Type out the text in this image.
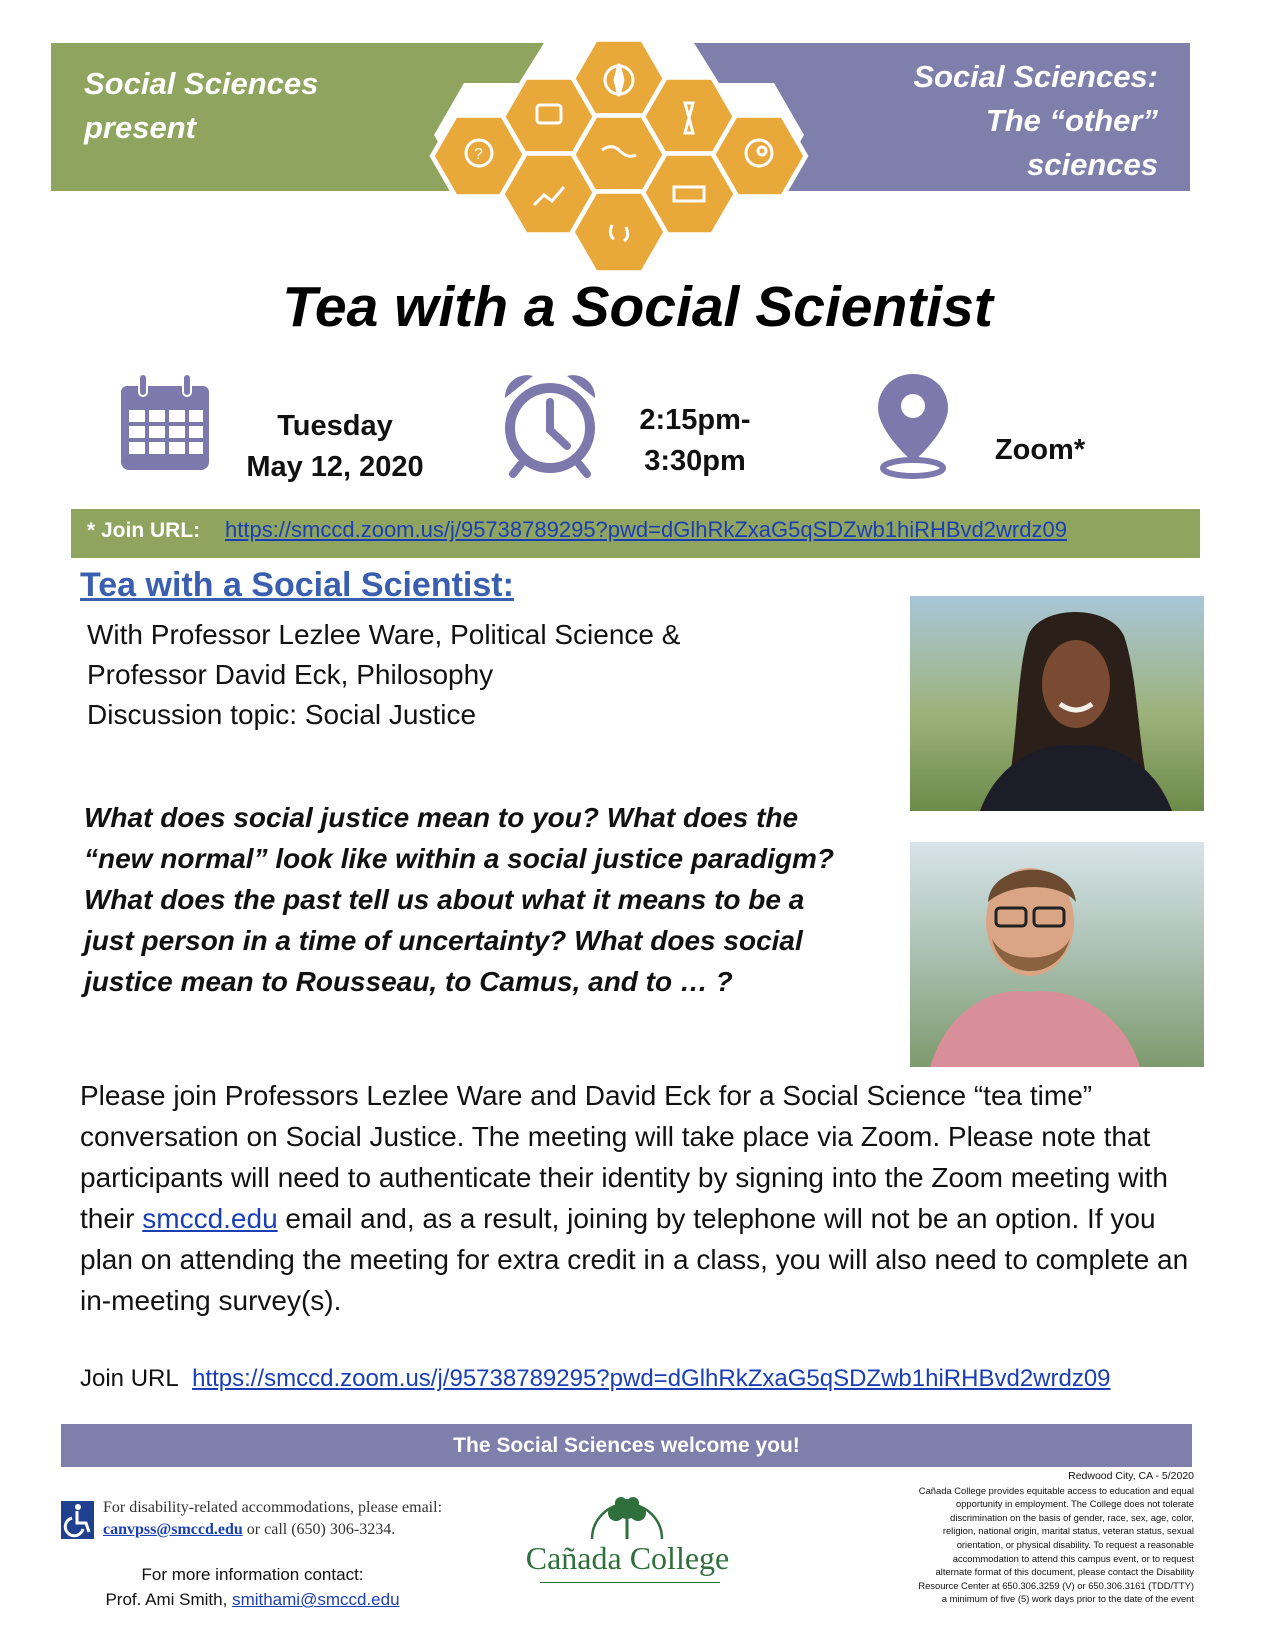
Social Sciences
present
Social Sciences:
The “other”
sciences
?
Tea with a Social Scientist
Tuesday
May 12, 2020
2:15pm-
3:30pm	Zoom*
* Join URL: https://smccd.zoom.us/j/95738789295?pwd=dGlhRkZxaG5qSDZwb1hiRHBvd2wrdz09
Tea with a Social Scientist:
With Professor Lezlee Ware, Political Science &
Professor David Eck, Philosophy
Discussion topic: Social Justice
What does social justice mean to you? What does the
“new normal” look like within a social justice paradigm?
What does the past tell us about what it means to be a
just person in a time of uncertainty? What does social
justice mean to Rousseau, to Camus, and to … ?
Please join Professors Lezlee Ware and David Eck for a Social Science “tea time” conversation on Social Justice. The meeting will take place via Zoom. Please note that participants will need to authenticate their identity by signing into the Zoom meeting with their smccd.edu email and, as a result, joining by telephone will not be an option. If you plan on attending the meeting for extra credit in a class, you will also need to complete an in-meeting survey(s).
Join URL https://smccd.zoom.us/j/95738789295?pwd=dGlhRkZxaG5qSDZwb1hiRHBvd2wrdz09
The Social Sciences welcome you!
For disability-related accommodations, please email:
canvpss@smccd.edu or call (650) 306-3234.
For more information contact:
Prof. Ami Smith, smithami@smccd.edu
Cañada College
Redwood City, CA - 5/2020
Cañada College provides equitable access to education and equal
opportunity in employment. The College does not tolerate
discrimination on the basis of gender, race, sex, age, color,
religion, national origin, marital status, veteran status, sexual
orientation, or physical disability. To request a reasonable
accommodation to attend this campus event, or to request
alternate format of this document, please contact the Disability
Resource Center at 650.306.3259 (V) or 650.306.3161 (TDD/TTY)
a minimum of five (5) work days prior to the date of the event
